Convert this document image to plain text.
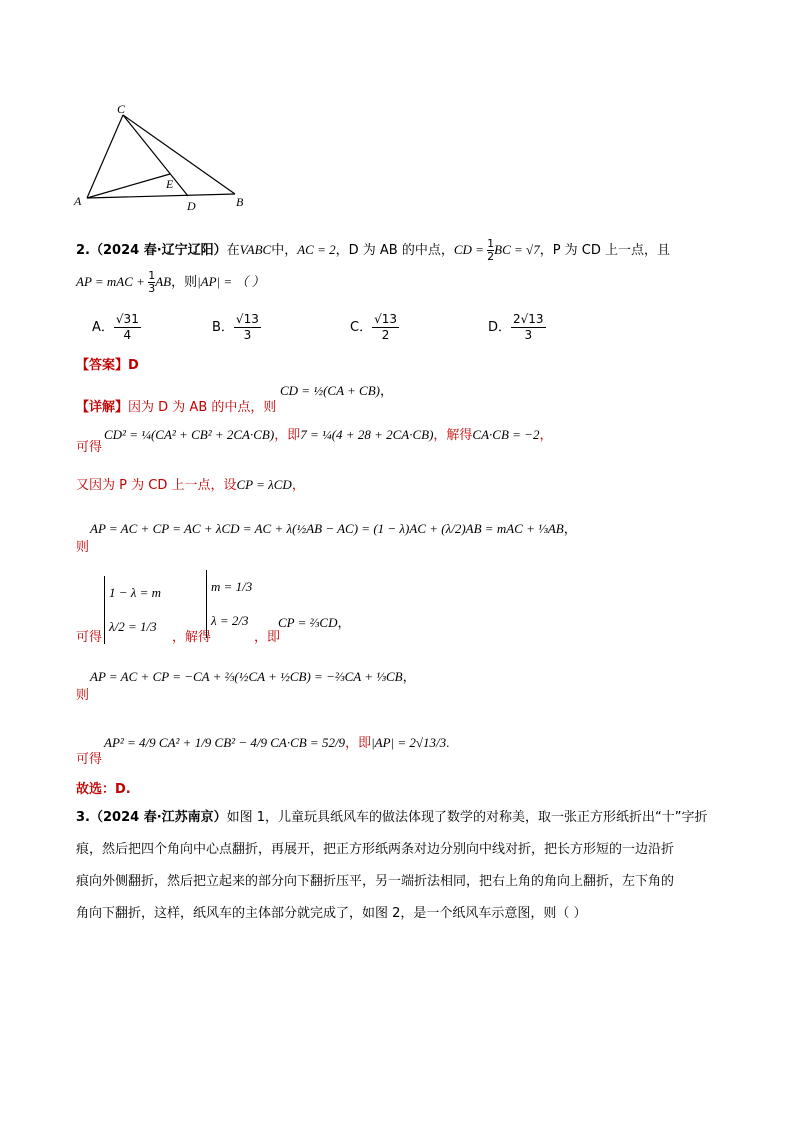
C
A
E
D	B
2.（2024 春·辽宁辽阳）在VABC中，AC = 2，D 为 AB 的中点，CD = $\frac{1}{2}$ BC = √7，P 为 CD 上一点，且
AP = mAC + $\frac{1}{3}$ AB，则|AP| = （ ）
A． $\frac{√31}{4}$	B． $\frac{√13}{3}$	C． $\frac{√13}{2}$	D． $\frac{2√13}{3}$
【答案】D
【详解】因为 D 为 AB 的中点，则
CD = ½(CA + CB)，
可得
CD² = ¼(CA² + CB² + 2CA·CB)，即7 = ¼(4 + 28 + 2CA·CB)，解得CA·CB = −2，
又因为 P 为 CD 上一点，设CP = λCD，
则
AP = AC + CP = AC + λCD = AC + λ(½AB − AC) = (1 − λ)AC + (λ/2)AB = mAC + ⅓AB，
可得
1 − λ = m
λ/2 = 1/3
，解得
m = 1/3
λ = 2/3
，即
CP = ⅔CD，
则
AP = AC + CP = −CA + ⅔(½CA + ½CB) = −⅔CA + ⅓CB，
可得
AP² = 4/9 CA² + 1/9 CB² − 4/9 CA·CB = 52/9，即|AP| = 2√13/3.
故选：D.
3.（2024 春·江苏南京）如图 1，儿童玩具纸风车的做法体现了数学的对称美，取一张正方形纸折出“十”字折
痕，然后把四个角向中心点翻折，再展开，把正方形纸两条对边分别向中线对折，把长方形短的一边沿折
痕向外侧翻折，然后把立起来的部分向下翻折压平，另一端折法相同，把右上角的角向上翻折，左下角的
角向下翻折，这样，纸风车的主体部分就完成了，如图 2，是一个纸风车示意图，则（ ）
